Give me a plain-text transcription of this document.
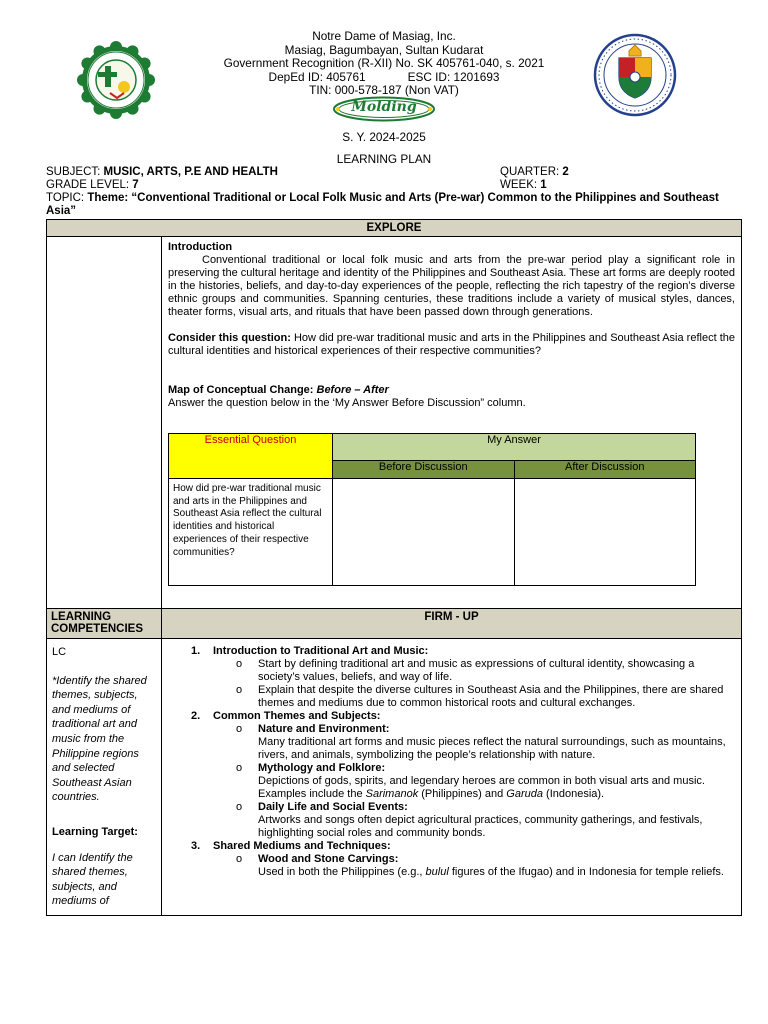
Notre Dame of Masiag, Inc.
Masiag, Bagumbayan, Sultan Kudarat
Government Recognition (R-XII) No. SK 405761-040, s. 2021
DepEd ID: 405761	ESC ID: 1201693
TIN: 000-578-187 (Non VAT)
Molding
S. Y. 2024-2025
LEARNING PLAN
SUBJECT: MUSIC, ARTS, P.E AND HEALTH	QUARTER: 2
GRADE LEVEL: 7	WEEK: 1
TOPIC: Theme: “Conventional Traditional or Local Folk Music and Arts (Pre-war) Common to the Philippines and Southeast Asia”
EXPLORE

Introduction

Conventional traditional or local folk music and arts from the pre-war period play a significant role in preserving the cultural heritage and identity of the Philippines and Southeast Asia. These art forms are deeply rooted in the histories, beliefs, and day-to-day experiences of the people, reflecting the rich tapestry of the region’s diverse ethnic groups and communities. Spanning centuries, these traditions include a variety of musical styles, dances, theater forms, visual arts, and rituals that have been passed down through generations.

Consider this question: How did pre-war traditional music and arts in the Philippines and Southeast Asia reflect the cultural identities and historical experiences of their respective communities?

Map of Conceptual Change: Before – After

Answer the question below in the ‘My Answer Before Discussion” column.

Essential Question	My Answer
Before Discussion	After Discussion
How did pre-war traditional music and arts in the Philippines and Southeast Asia reflect the cultural identities and historical experiences of their respective communities?		

LEARNING COMPETENCIES	FIRM - UP

LC

*Identify the shared themes, subjects, and mediums of traditional art and music from the Philippine regions and selected Southeast Asian countries.

Learning Target:

I can Identify the shared themes, subjects, and mediums of

1.	Introduction to Traditional Art and Music:
o	Start by defining traditional art and music as expressions of cultural identity, showcasing a society’s values, beliefs, and way of life.
o	Explain that despite the diverse cultures in Southeast Asia and the Philippines, there are shared themes and mediums due to common historical roots and cultural exchanges.
2.	Common Themes and Subjects:
o	Nature and Environment:
Many traditional art forms and music pieces reflect the natural surroundings, such as mountains, rivers, and animals, symbolizing the people’s relationship with nature.
o	Mythology and Folklore:
Depictions of gods, spirits, and legendary heroes are common in both visual arts and music. Examples include the Sarimanok (Philippines) and Garuda (Indonesia).
o	Daily Life and Social Events:
Artworks and songs often depict agricultural practices, community gatherings, and festivals, highlighting social roles and community bonds.
3.	Shared Mediums and Techniques:
o	Wood and Stone Carvings:
Used in both the Philippines (e.g., bulul figures of the Ifugao) and in Indonesia for temple reliefs.
